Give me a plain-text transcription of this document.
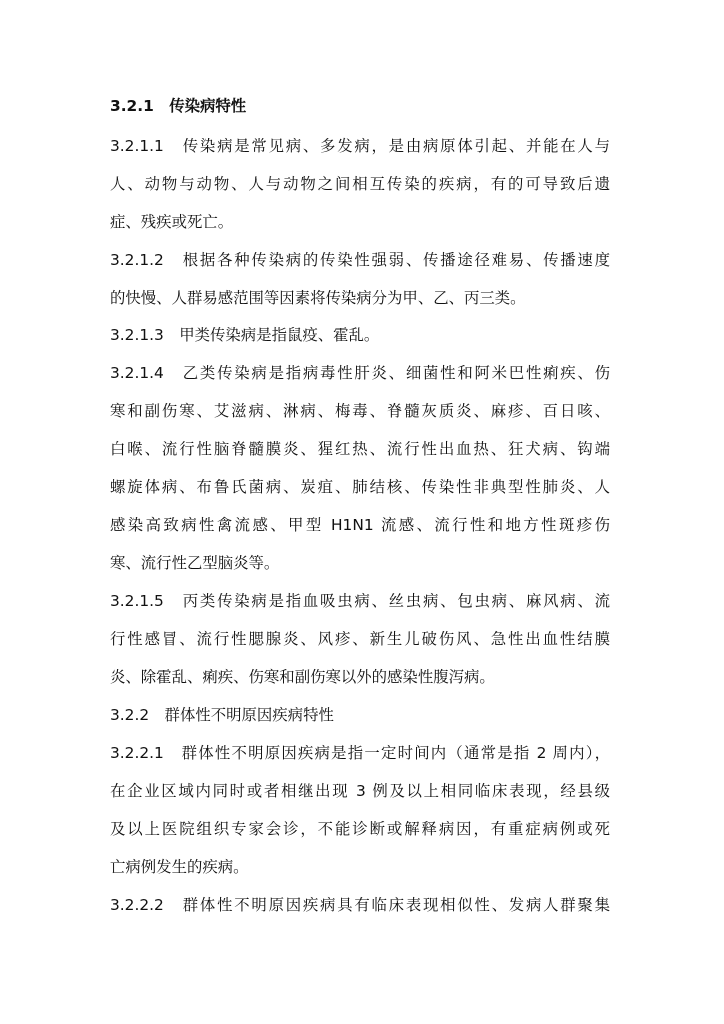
3.2.1　传染病特性

3.2.1.1　传染病是常见病、多发病，是由病原体引起、并能在人与

人、动物与动物、人与动物之间相互传染的疾病，有的可导致后遗

症、残疾或死亡。

3.2.1.2　根据各种传染病的传染性强弱、传播途径难易、传播速度

的快慢、人群易感范围等因素将传染病分为甲、乙、丙三类。

3.2.1.3　甲类传染病是指鼠疫、霍乱。

3.2.1.4　乙类传染病是指病毒性肝炎、细菌性和阿米巴性痢疾、伤

寒和副伤寒、艾滋病、淋病、梅毒、脊髓灰质炎、麻疹、百日咳、

白喉、流行性脑脊髓膜炎、猩红热、流行性出血热、狂犬病、钩端

螺旋体病、布鲁氏菌病、炭疽、肺结核、传染性非典型性肺炎、人

感染高致病性禽流感、甲型 H1N1 流感、流行性和地方性斑疹伤

寒、流行性乙型脑炎等。

3.2.1.5　丙类传染病是指血吸虫病、丝虫病、包虫病、麻风病、流

行性感冒、流行性腮腺炎、风疹、新生儿破伤风、急性出血性结膜

炎、除霍乱、痢疾、伤寒和副伤寒以外的感染性腹泻病。

3.2.2　群体性不明原因疾病特性

3.2.2.1　群体性不明原因疾病是指一定时间内（通常是指 2 周内），

在企业区域内同时或者相继出现 3 例及以上相同临床表现，经县级

及以上医院组织专家会诊，不能诊断或解释病因，有重症病例或死

亡病例发生的疾病。

3.2.2.2　群体性不明原因疾病具有临床表现相似性、发病人群聚集
